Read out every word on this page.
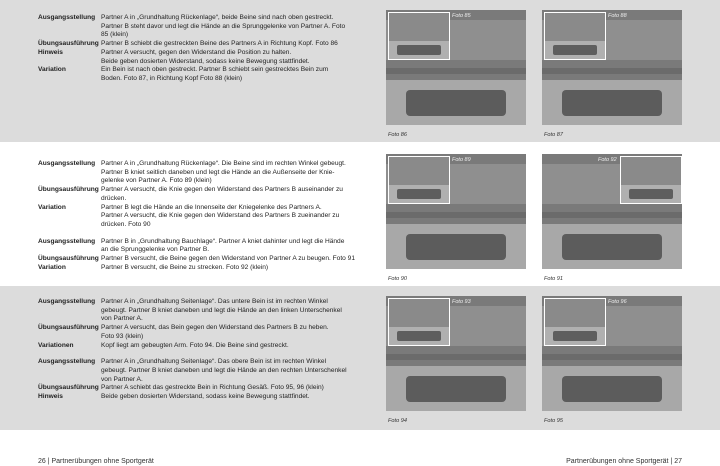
Ausgangsstellung Partner A in „Grundhaltung Rückenlage“, beide Beine sind nach oben gestreckt.
Partner B steht davor und legt die Hände an die Sprunggelenke von Partner A. Foto
85 (klein)
Übungsausführung Partner B schiebt die gestreckten Beine des Partners A in Richtung Kopf. Foto 86
Hinweis	Partner A versucht, gegen den Widerstand die Position zu halten.
Beide geben dosierten Widerstand, sodass keine Bewegung stattfindet.
Variation	Ein Bein ist nach oben gestreckt. Partner B schiebt sein gestrecktes Bein zum
Boden. Foto 87, in Richtung Kopf Foto 88 (klein)
Ausgangsstellung Partner A in „Grundhaltung Rückenlage“. Die Beine sind im rechten Winkel gebeugt.
Partner B kniet seitlich daneben und legt die Hände an die Außenseite der Knie-
gelenke von Partner A. Foto 89 (klein)
Übungsausführung Partner A versucht, die Knie gegen den Widerstand des Partners B auseinander zu
drücken.
Variation	Partner B legt die Hände an die Innenseite der Kniegelenke des Partners A.
Partner A versucht, die Knie gegen den Widerstand des Partners B zueinander zu
drücken. Foto 90
Ausgangsstellung Partner B in „Grundhaltung Bauchlage“. Partner A kniet dahinter und legt die Hände
an die Sprunggelenke von Partner B.
Übungsausführung Partner B versucht, die Beine gegen den Widerstand von Partner A zu beugen. Foto 91
Variation	Partner B versucht, die Beine zu strecken. Foto 92 (klein)
Ausgangsstellung Partner A in „Grundhaltung Seitenlage“. Das untere Bein ist im rechten Winkel
gebeugt. Partner B kniet daneben und legt die Hände an den linken Unterschenkel
von Partner A.
Übungsausführung Partner A versucht, das Bein gegen den Widerstand des Partners B zu heben.
Foto 93 (klein)
Variationen	Kopf liegt am gebeugten Arm. Foto 94. Die Beine sind gestreckt.
Ausgangsstellung Partner A in „Grundhaltung Seitenlage“. Das obere Bein ist im rechten Winkel
gebeugt. Partner B kniet daneben und legt die Hände an den rechten Unterschenkel
von Partner A.
Übungsausführung Partner A schiebt das gestreckte Bein in Richtung Gesäß. Foto 95, 96 (klein)
Hinweis	Beide geben dosierten Widerstand, sodass keine Bewegung stattfindet.
Foto 85
Foto 86
Foto 88
Foto 87
Foto 89
Foto 90
Foto 92
Foto 91
Foto 93
Foto 94
Foto 96
Foto 95
26 | Partnerübungen ohne Sportgerät	Partnerübungen ohne Sportgerät | 27
